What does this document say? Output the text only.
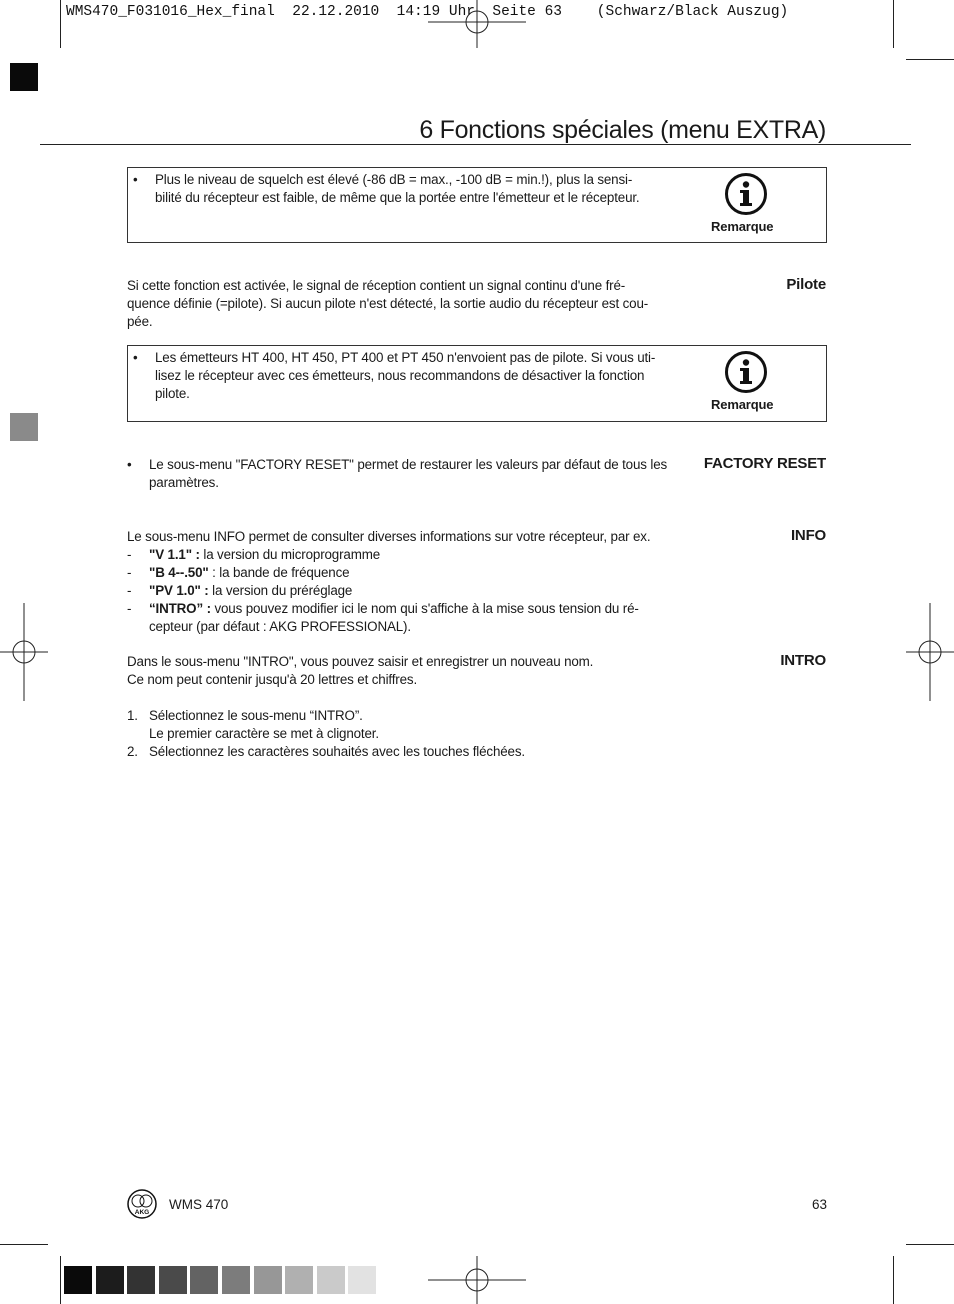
WMS470_F031016_Hex_final  22.12.2010  14:19 Uhr  Seite 63    (Schwarz/Black Auszug)
6 Fonctions spéciales (menu EXTRA)
• Plus le niveau de squelch est élevé (-86 dB = max., -100 dB = min.!), plus la sensi-
bilité du récepteur est faible, de même que la portée entre l'émetteur et le récepteur.
Remarque
Pilote
Si cette fonction est activée, le signal de réception contient un signal continu d'une fré-
quence définie (=pilote). Si aucun pilote n'est détecté, la sortie audio du récepteur est cou-
pée.
• Les émetteurs HT 400, HT 450, PT 400 et PT 450 n'envoient pas de pilote. Si vous uti-
lisez le récepteur avec ces émetteurs, nous recommandons de désactiver la fonction
pilote.
Remarque
FACTORY RESET
• Le sous-menu "FACTORY RESET" permet de restaurer les valeurs par défaut de tous les
paramètres.
INFO
Le sous-menu INFO permet de consulter diverses informations sur votre récepteur, par ex.
- "V 1.1" : la version du microprogramme
- "B 4--.50" : la bande de fréquence
- "PV 1.0" : la version du préréglage
- “INTRO” : vous pouvez modifier ici le nom qui s'affiche à la mise sous tension du ré-
cepteur (par défaut : AKG PROFESSIONAL).
INTRO
Dans le sous-menu "INTRO", vous pouvez saisir et enregistrer un nouveau nom.
Ce nom peut contenir jusqu'à 20 lettres et chiffres.
1. Sélectionnez le sous-menu “INTRO”.
Le premier caractère se met à clignoter.
2. Sélectionnez les caractères souhaités avec les touches fléchées.
AKG
WMS 470	63
